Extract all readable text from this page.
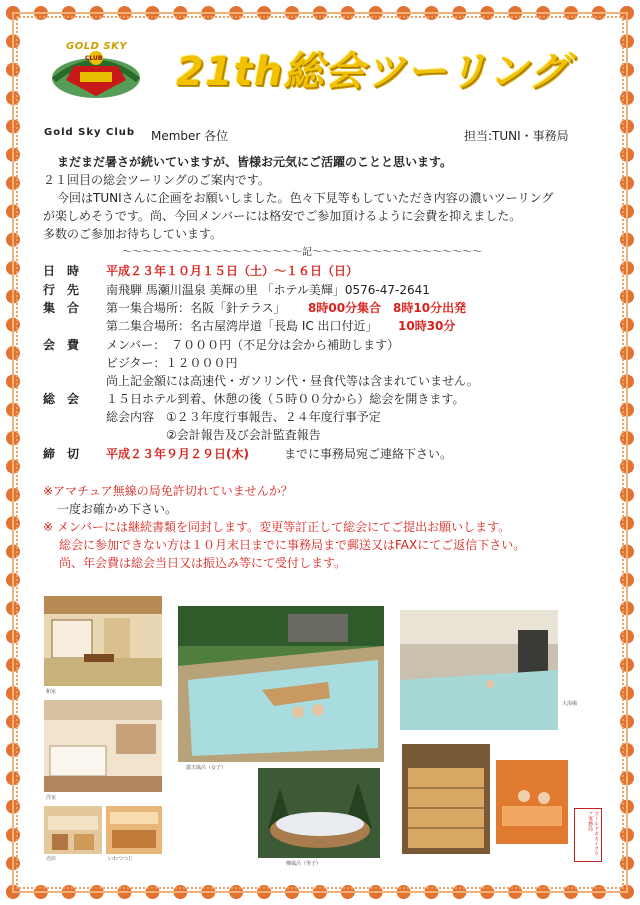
GOLD SKY
CLUB 21th総会ツーリング
Gold Sky Club Member 各位	担当:TUNI・事務局
まだまだ暑さが続いていますが、皆様お元気にご活躍のことと思います。
２１回目の総会ツーリングのご案内です。
今回はTUNIさんに企画をお願いしました。色々下見等もしていただき内容の濃いツーリング
が楽しめそうです。尚、今回メンバーには格安でご参加頂けるように会費を抑えました。
多数のご参加お待ちしています。
〜〜〜〜〜〜〜〜〜〜〜〜〜〜〜〜〜〜記〜〜〜〜〜〜〜〜〜〜〜〜〜〜〜〜〜
日時 平成２３年１０月１５日（土）〜１６日（日）
行先 南飛騨 馬瀬川温泉 美輝の里 「ホテル美輝」0576-47-2641
集合 第一集合場所：名阪「針テラス」 8時00分集合　8時10分出発
第二集合場所：名古屋湾岸道「長島 IC 出口付近」 10時30分
会費 メンバー：　７０００円（不足分は会から補助します）
ビジター：１２０００円
尚上記金額には高速代・ガソリン代・昼食代等は含まれていません。
総会 １５日ホテル到着、休憩の後（５時００分から）総会を開きます。
総会内容　①２３年度行事報告、２４年度行事予定
②会計報告及び会計監査報告
締切 平成２３年９月２９日(木)	までに事務局宛ご連絡下さい。
※アマチュア無線の局免許切れていませんか？
一度お確かめ下さい。
※ メンバーには継続書類を同封します。変更等訂正して総会にてご提出お願いします。
総会に参加できない方は１０月末日までに事務局まで郵送又はFAXにてご返信下さい。
尚、年会費は総会当日又は振込み等にて受付します。
和室
洋室
売店	いわつつじ
露天風呂（女子）
樽風呂（男子）
大浴場
ゴールドスカイクラブ事務局
